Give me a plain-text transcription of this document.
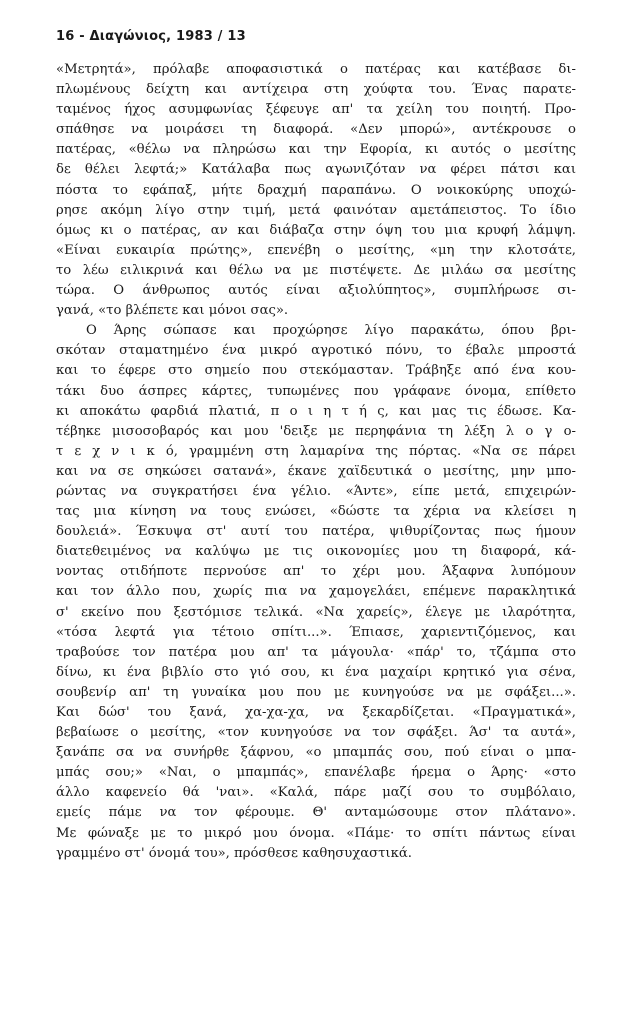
16 - Διαγώνιος, 1983 / 13
«Μετρητά», πρόλαβε αποφασιστικά ο πατέρας και κατέβασε δι-
πλωμένους δείχτη και αντίχειρα στη χούφτα του. Ένας παρατε-
ταμένος ήχος ασυμφωνίας ξέφευγε απ' τα χείλη του ποιητή. Προ-
σπάθησε να μοιράσει τη διαφορά. «Δεν μπορώ», αντέκρουσε ο
πατέρας, «θέλω να πληρώσω και την Εφορία, κι αυτός ο μεσίτης
δε θέλει λεφτά;» Κατάλαβα πως αγωνιζόταν να φέρει πάτσι και
πόστα το εφάπαξ, μήτε δραχμή παραπάνω. Ο νοικοκύρης υποχώ-
ρησε ακόμη λίγο στην τιμή, μετά φαινόταν αμετάπειστος. Το ίδιο
όμως κι ο πατέρας, αν και διάβαζα στην όψη του μια κρυφή λάμψη.
«Είναι ευκαιρία πρώτης», επενέβη ο μεσίτης, «μη την κλοτσάτε,
το λέω ειλικρινά και θέλω να με πιστέψετε. Δε μιλάω σα μεσίτης
τώρα. Ο άνθρωπος αυτός είναι αξιολύπητος», συμπλήρωσε σι-
γανά, «το βλέπετε και μόνοι σας».
Ο Άρης σώπασε και προχώρησε λίγο παρακάτω, όπου βρι-
σκόταν σταματημένο ένα μικρό αγροτικό πόνυ, το έβαλε μπροστά
και το έφερε στο σημείο που στεκόμασταν. Τράβηξε από ένα κου-
τάκι δυο άσπρες κάρτες, τυπωμένες που γράφανε όνομα, επίθετο
κι αποκάτω φαρδιά πλατιά, π ο ι η τ ή ς, και μας τις έδωσε. Κα-
τέβηκε μισοσοβαρός και μου 'δειξε με περηφάνια τη λέξη λ ο γ ο-
τ ε χ ν ι κ ό, γραμμένη στη λαμαρίνα της πόρτας. «Να σε πάρει
και να σε σηκώσει σατανά», έκανε χαϊδευτικά ο μεσίτης, μην μπο-
ρώντας να συγκρατήσει ένα γέλιο. «Άντε», είπε μετά, επιχειρών-
τας μια κίνηση να τους ενώσει, «δώστε τα χέρια να κλείσει η
δουλειά». Έσκυψα στ' αυτί του πατέρα, ψιθυρίζοντας πως ήμουν
διατεθειμένος να καλύψω με τις οικονομίες μου τη διαφορά, κά-
νοντας οτιδήποτε περνούσε απ' το χέρι μου. Άξαφνα λυπόμουν
και τον άλλο που, χωρίς πια να χαμογελάει, επέμενε παρακλητικά
σ' εκείνο που ξεστόμισε τελικά. «Να χαρείς», έλεγε με ιλαρότητα,
«τόσα λεφτά για τέτοιο σπίτι...». Έπιασε, χαριεντιζόμενος, και
τραβούσε τον πατέρα μου απ' τα μάγουλα· «πάρ' το, τζάμπα στο
δίνω, κι ένα βιβλίο στο γιό σου, κι ένα μαχαίρι κρητικό για σένα,
σουβενίρ απ' τη γυναίκα μου που με κυνηγούσε να με σφάξει...».
Και δώσ' του ξανά, χα-χα-χα, να ξεκαρδίζεται. «Πραγματικά»,
βεβαίωσε ο μεσίτης, «τον κυνηγούσε να τον σφάξει. Άσ' τα αυτά»,
ξανάπε σα να συνήρθε ξάφνου, «ο μπαμπάς σου, πού είναι ο μπα-
μπάς σου;» «Ναι, ο μπαμπάς», επανέλαβε ήρεμα ο Άρης· «στο
άλλο καφενείο θά 'ναι». «Καλά, πάρε μαζί σου το συμβόλαιο,
εμείς πάμε να τον φέρουμε. Θ' ανταμώσουμε στον πλάτανο».
Με φώναξε με το μικρό μου όνομα. «Πάμε· το σπίτι πάντως είναι
γραμμένο στ' όνομά του», πρόσθεσε καθησυχαστικά.
